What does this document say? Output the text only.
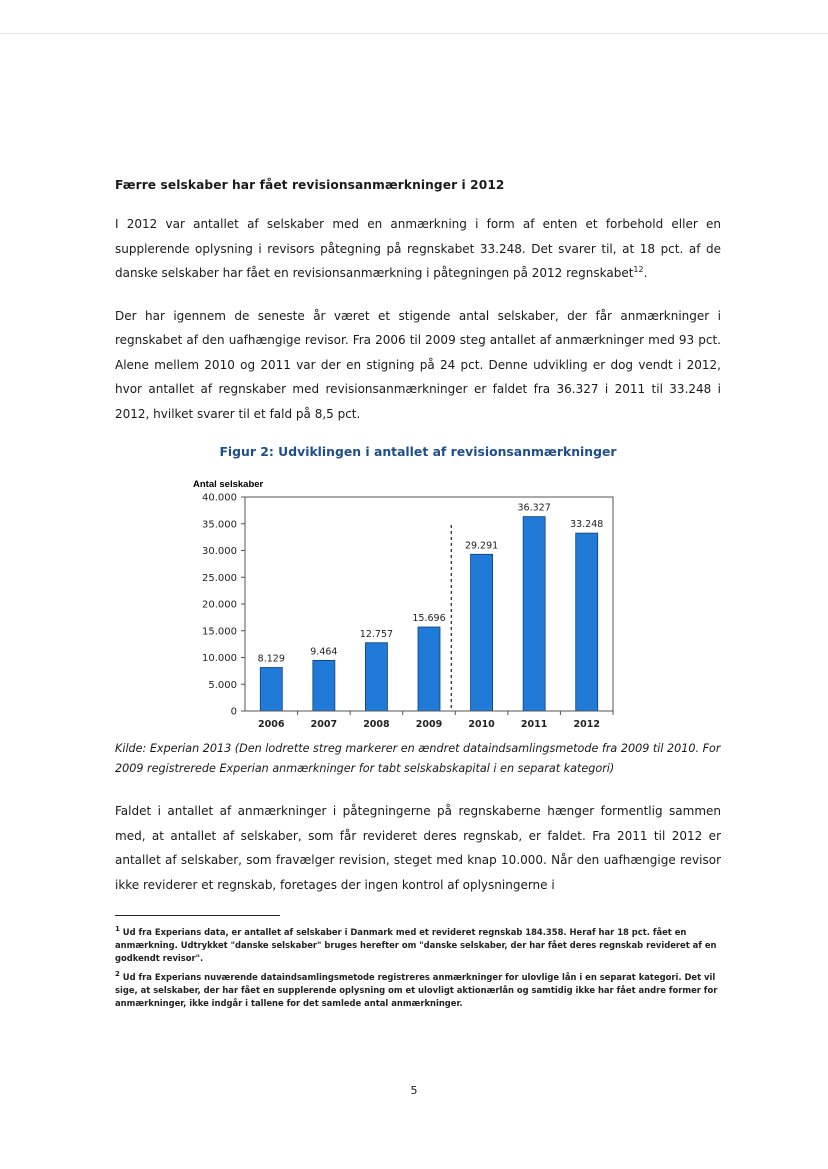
Færre selskaber har fået revisionsanmærkninger i 2012

I 2012 var antallet af selskaber med en anmærkning i form af enten et forbehold eller en supplerende oplysning i revisors påtegning på regnskabet 33.248. Det svarer til, at 18 pct. af de danske selskaber har fået en revisionsanmærkning i påtegningen på 2012 regnskabet$^{12}$.

Der har igennem de seneste år været et stigende antal selskaber, der får anmærkninger i regnskabet af den uafhængige revisor. Fra 2006 til 2009 steg antallet af anmærkninger med 93 pct. Alene mellem 2010 og 2011 var der en stigning på 24 pct. Denne udvikling er dog vendt i 2012, hvor antallet af regnskaber med revisionsanmærkninger er faldet fra 36.327 i 2011 til 33.248 i 2012, hvilket svarer til et fald på 8,5 pct.

Figur 2: Udviklingen i antallet af revisionsanmærkninger
Antal selskaber
0
5.000
10.000
15.000
20.000
25.000
30.000
35.000
40.000
8.129
9.464
12.757
15.696
29.291
36.327
33.248
2006	2007	2008	2009	2010	2011	2012

Kilde: Experian 2013 (Den lodrette streg markerer en ændret dataindsamlingsmetode fra 2009 til 2010. For 2009 registrerede Experian anmærkninger for tabt selskabskapital i en separat kategori)

Faldet i antallet af anmærkninger i påtegningerne på regnskaberne hænger formentlig sammen med, at antallet af selskaber, som får revideret deres regnskab, er faldet. Fra 2011 til 2012 er antallet af selskaber, som fravælger revision, steget med knap 10.000. Når den uafhængige revisor ikke reviderer et regnskab, foretages der ingen kontrol af oplysningerne i

$^1$ Ud fra Experians data, er antallet af selskaber i Danmark med et revideret regnskab 184.358. Heraf har 18 pct. fået en anmærkning. Udtrykket "danske selskaber" bruges herefter om "danske selskaber, der har fået deres regnskab revideret af en godkendt revisor".

$^2$ Ud fra Experians nuværende dataindsamlingsmetode registreres anmærkninger for ulovlige lån i en separat kategori. Det vil sige, at selskaber, der har fået en supplerende oplysning om et ulovligt aktionærlån og samtidig ikke har fået andre former for anmærkninger, ikke indgår i tallene for det samlede antal anmærkninger.

5
